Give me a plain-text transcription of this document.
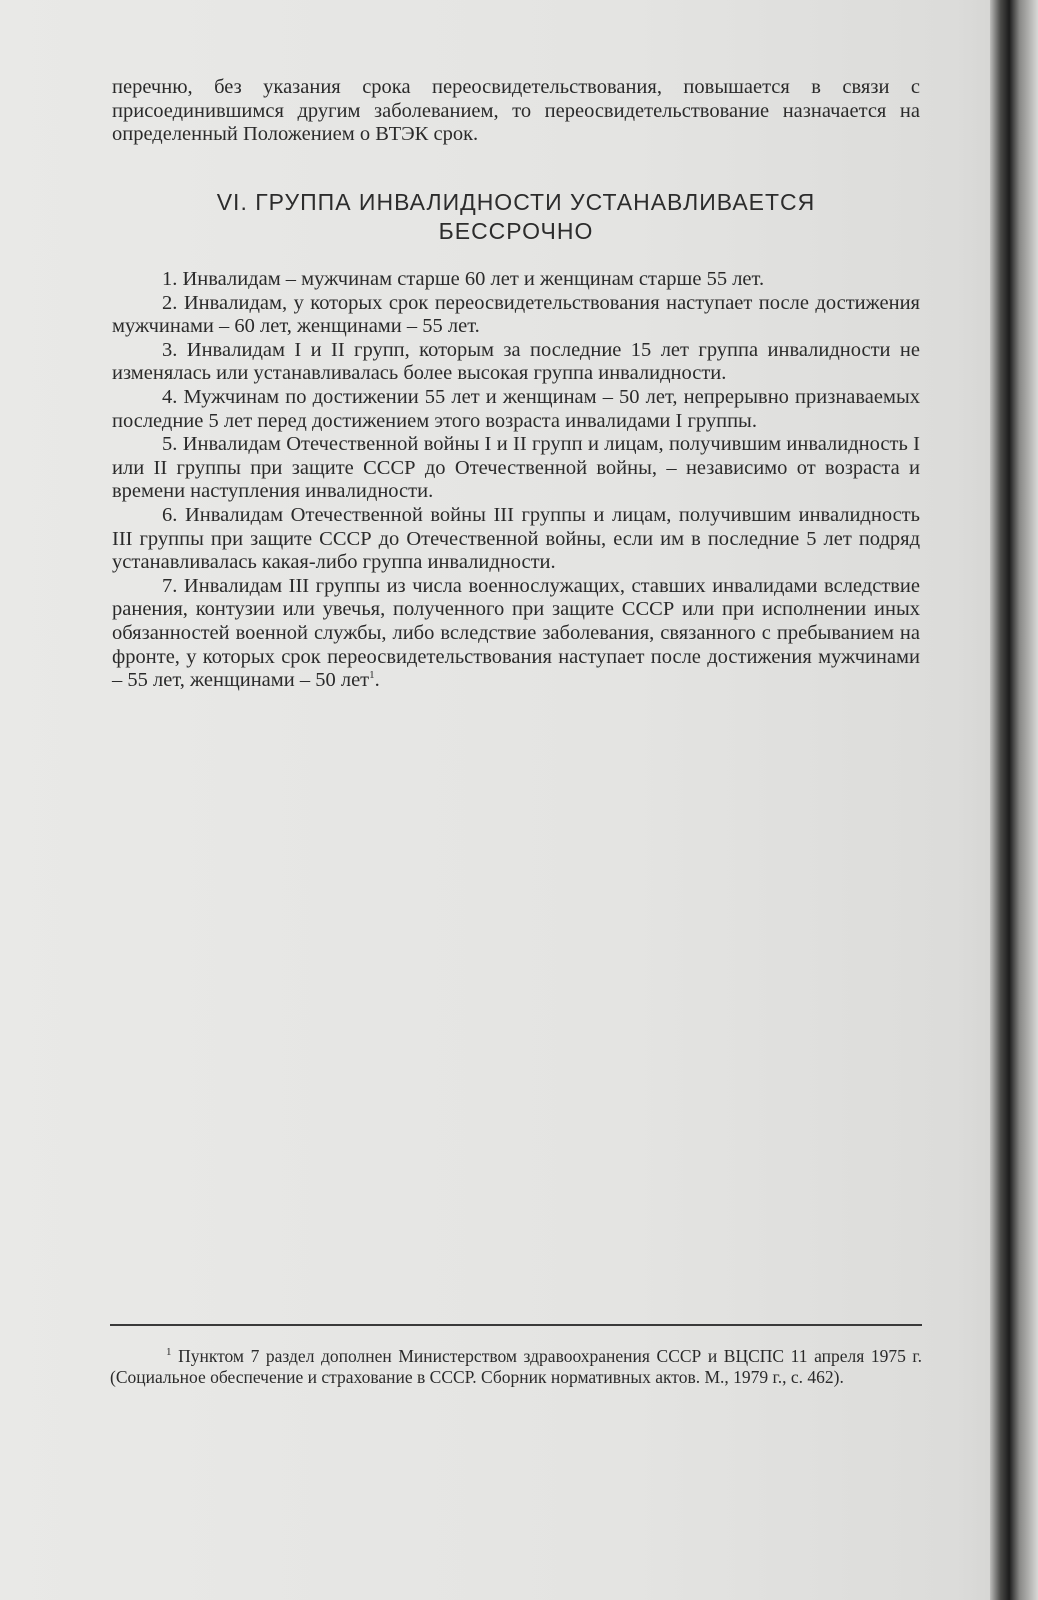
перечню, без указания срока переосвидетельствования, повышается в связи с присоединившимся другим заболеванием, то переосвидетельствование назначается на определенный Положением о ВТЭК срок.

VI. ГРУППА ИНВАЛИДНОСТИ УСТАНАВЛИВАЕТСЯ
БЕССРОЧНО

1. Инвалидам – мужчинам старше 60 лет и женщинам старше 55 лет.

2. Инвалидам, у которых срок переосвидетельствования наступает после достижения мужчинами – 60 лет, женщинами – 55 лет.

3. Инвалидам I и II групп, которым за последние 15 лет группа инвалидности не изменялась или устанавливалась более высокая группа инвалидности.

4. Мужчинам по достижении 55 лет и женщинам – 50 лет, непрерывно признаваемых последние 5 лет перед достижением этого возраста инвалидами I группы.

5. Инвалидам Отечественной войны I и II групп и лицам, получившим инвалидность I или II группы при защите СССР до Отечественной войны, – независимо от возраста и времени наступления инвалидности.

6. Инвалидам Отечественной войны III группы и лицам, получившим инвалидность III группы при защите СССР до Отечественной войны, если им в последние 5 лет подряд устанавливалась какая-либо группа инвалидности.

7. Инвалидам III группы из числа военнослужащих, ставших инвалидами вследствие ранения, контузии или увечья, полученного при защите СССР или при исполнении иных обязанностей военной службы, либо вследствие заболевания, связанного с пребыванием на фронте, у которых срок переосвидетельствования наступает после достижения мужчинами – 55 лет, женщинами – 50 лет$^1$.

$^1$ Пунктом 7 раздел дополнен Министерством здравоохранения СССР и ВЦСПС 11 апреля 1975 г. (Социальное обеспечение и страхование в СССР. Сборник нормативных актов. М., 1979 г., с. 462).
